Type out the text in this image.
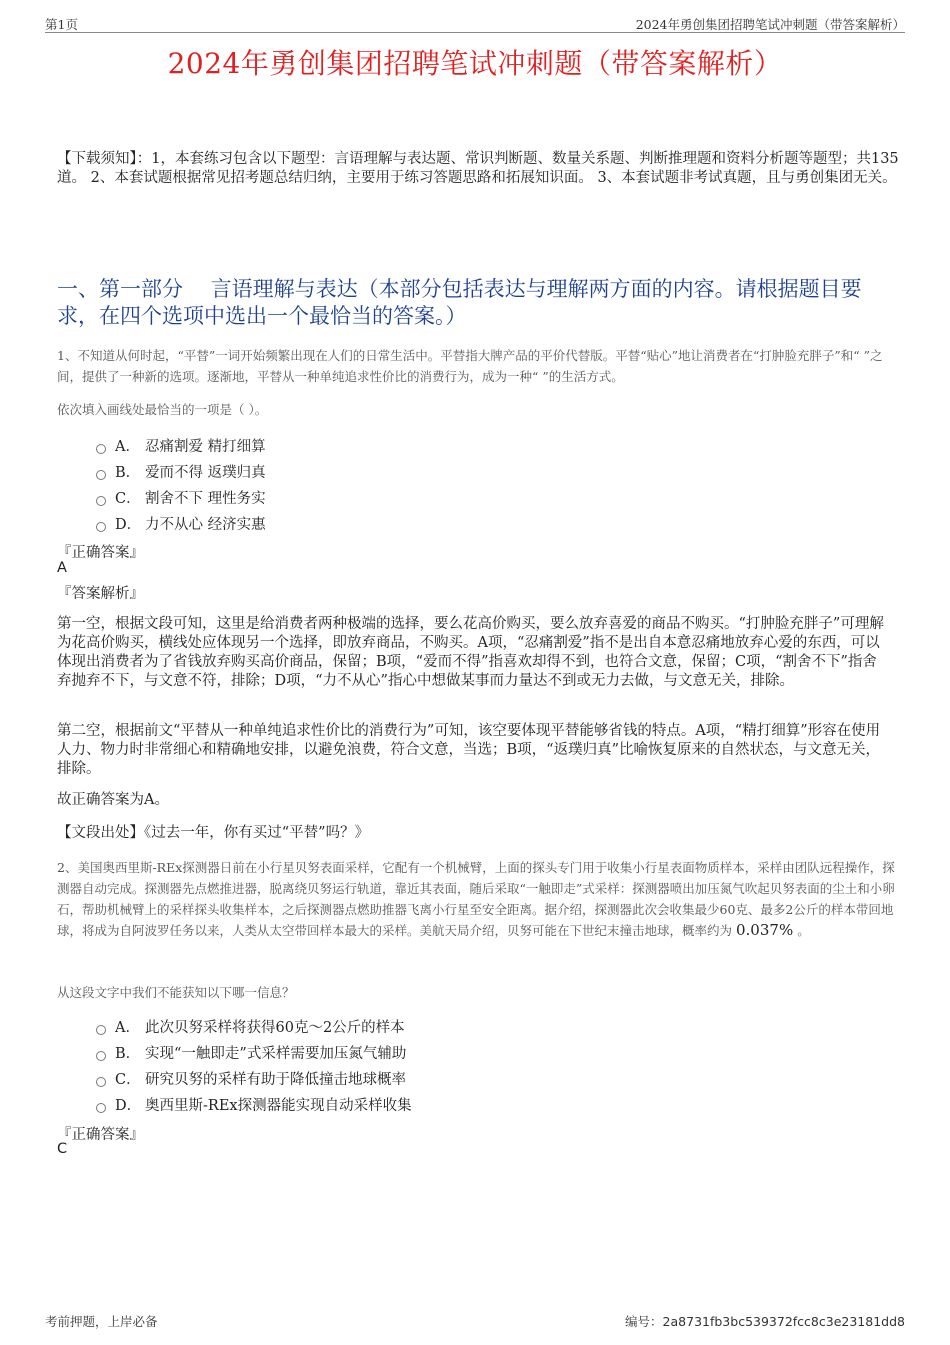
第1页	2024年勇创集团招聘笔试冲刺题（带答案解析）
2024年勇创集团招聘笔试冲刺题（带答案解析）
【下载须知】：1，本套练习包含以下题型：言语理解与表达题、常识判断题、数量关系题、判断推理题和资料分析题等题型；共135道。 2、本套试题根据常见招考题总结归纳，主要用于练习答题思路和拓展知识面。 3、本套试题非考试真题，且与勇创集团无关。
一、第一部分　 言语理解与表达（本部分包括表达与理解两方面的内容。请根据题目要求，在四个选项中选出一个最恰当的答案。）
1、不知道从何时起，“平替”一词开始频繁出现在人们的日常生活中。平替指大牌产品的平价代替版。平替“贴心”地让消费者在“打肿脸充胖子”和“ ”之间，提供了一种新的选项。逐渐地，平替从一种单纯追求性价比的消费行为，成为一种“ ”的生活方式。
依次填入画线处最恰当的一项是（ ）。
A． 忍痛割爱 精打细算
B． 爱而不得 返璞归真
C． 割舍不下 理性务实
D． 力不从心 经济实惠
『正确答案』
A
『答案解析』
第一空，根据文段可知，这里是给消费者两种极端的选择，要么花高价购买，要么放弃喜爱的商品不购买。“打肿脸充胖子”可理解为花高价购买，横线处应体现另一个选择，即放弃商品，不购买。A项，“忍痛割爱”指不是出自本意忍痛地放弃心爱的东西，可以体现出消费者为了省钱放弃购买高价商品，保留；B项，“爱而不得”指喜欢却得不到，也符合文意，保留；C项，“割舍不下”指舍弃抛弃不下，与文意不符，排除；D项，“力不从心”指心中想做某事而力量达不到或无力去做，与文意无关，排除。
第二空，根据前文“平替从一种单纯追求性价比的消费行为”可知，该空要体现平替能够省钱的特点。A项，“精打细算”形容在使用人力、物力时非常细心和精确地安排，以避免浪费，符合文意，当选；B项，“返璞归真”比喻恢复原来的自然状态，与文意无关，排除。
故正确答案为A。
【文段出处】《过去一年，你有买过“平替”吗？》
2、美国奥西里斯-REx探测器日前在小行星贝努表面采样，它配有一个机械臂，上面的探头专门用于收集小行星表面物质样本，采样由团队远程操作，探测器自动完成。探测器先点燃推进器，脱离绕贝努运行轨道，靠近其表面，随后采取“一触即走”式采样：探测器喷出加压氮气吹起贝努表面的尘土和小卵石，帮助机械臂上的采样探头收集样本，之后探测器点燃助推器飞离小行星至安全距离。据介绍，探测器此次会收集最少60克、最多2公斤的样本带回地球，将成为自阿波罗任务以来，人类从太空带回样本最大的采样。美航天局介绍，贝努可能在下世纪末撞击地球，概率约为 0.037% 。
从这段文字中我们不能获知以下哪一信息？
A． 此次贝努采样将获得60克～2公斤的样本
B． 实现“一触即走”式采样需要加压氮气辅助
C． 研究贝努的采样有助于降低撞击地球概率
D． 奥西里斯-REx探测器能实现自动采样收集
『正确答案』
C
考前押题，上岸必备	编号：2a8731fb3bc539372fcc8c3e23181dd8
